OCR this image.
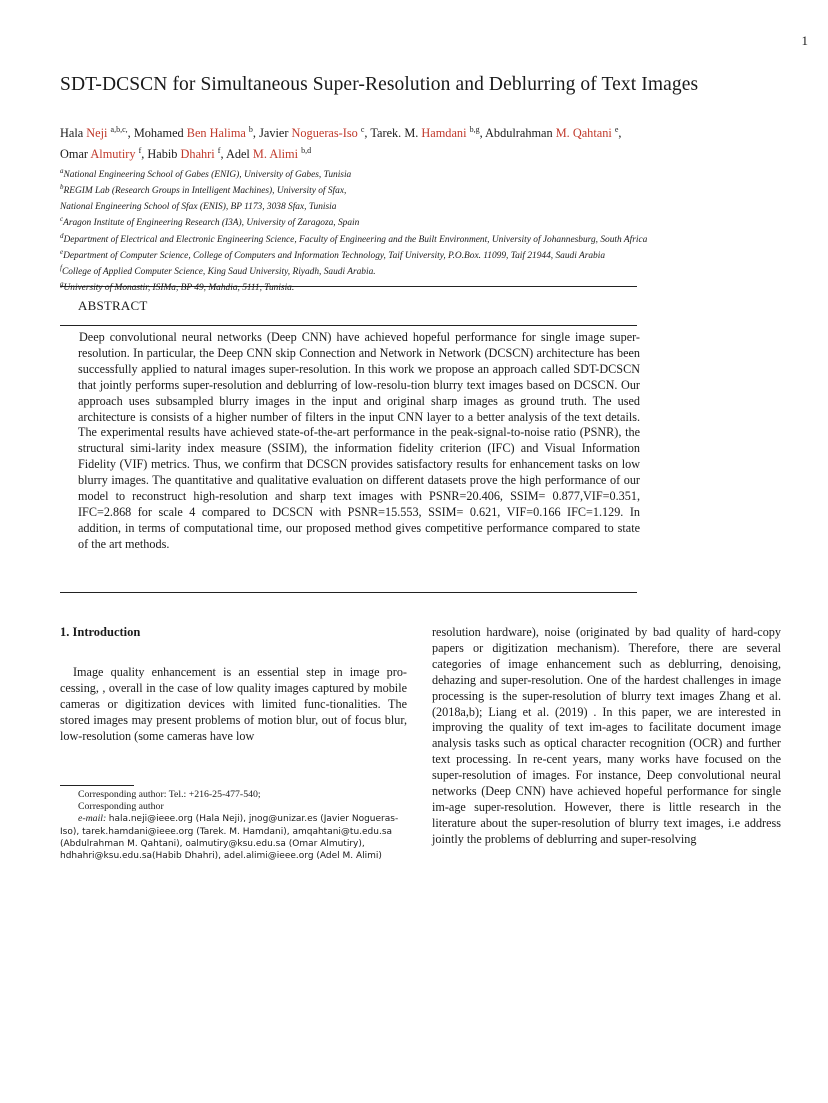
1
SDT-DCSCN for Simultaneous Super-Resolution and Deblurring of Text Images
Hala Neji $^{a,b,c,}$, Mohamed Ben Halima $^b$, Javier Nogueras-Iso $^c$, Tarek. M. Hamdani $^{b,g}$, Abdulrahman M. Qahtani $^e$,
Omar Almutiry $^f$, Habib Dhahri $^f$, Adel M. Alimi $^{b,d}$
$^a$National Engineering School of Gabes (ENIG), University of Gabes, Tunisia
$^b$REGIM Lab (Research Groups in Intelligent Machines), University of Sfax,
National Engineering School of Sfax (ENIS), BP 1173, 3038 Sfax, Tunisia
$^c$Aragon Institute of Engineering Research (I3A), University of Zaragoza, Spain
$^d$Department of Electrical and Electronic Engineering Science, Faculty of Engineering and the Built Environment, University of Johannesburg, South Africa
$^e$Department of Computer Science, College of Computers and Information Technology, Taif University, P.O.Box. 11099, Taif 21944, Saudi Arabia
$^f$College of Applied Computer Science, King Saud University, Riyadh, Saudi Arabia.
$^g$University of Monastir, ISIMa, BP 49, Mahdia, 5111, Tunisia.
ABSTRACT
Deep convolutional neural networks (Deep CNN) have achieved hopeful performance for single image super-resolution. In particular, the Deep CNN skip Connection and Network in Network (DCSCN) architecture has been successfully applied to natural images super-resolution. In this work we propose an approach called SDT-DCSCN that jointly performs super-resolution and deblurring of low-resolu-tion blurry text images based on DCSCN. Our approach uses subsampled blurry images in the input and original sharp images as ground truth. The used architecture is consists of a higher number of filters in the input CNN layer to a better analysis of the text details. The experimental results have achieved state-of-the-art performance in the peak-signal-to-noise ratio (PSNR), the structural simi-larity index measure (SSIM), the information fidelity criterion (IFC) and Visual Information Fidelity (VIF) metrics. Thus, we confirm that DCSCN provides satisfactory results for enhancement tasks on low blurry images. The quantitative and qualitative evaluation on different datasets prove the high performance of our model to reconstruct high-resolution and sharp text images with PSNR=20.406, SSIM= 0.877,VIF=0.351, IFC=2.868 for scale 4 compared to DCSCN with PSNR=15.553, SSIM= 0.621, VIF=0.166 IFC=1.129. In addition, in terms of computational time, our proposed method gives competitive performance compared to state of the art methods.
1. Introduction

Image quality enhancement is an essential step in image pro-cessing, , overall in the case of low quality images captured by mobile cameras or digitization devices with limited func-tionalities. The stored images may present problems of motion blur, out of focus blur, low-resolution (some cameras have low

resolution hardware), noise (originated by bad quality of hard-copy papers or digitization mechanism). Therefore, there are several categories of image enhancement such as deblurring, denoising, dehazing and super-resolution. One of the hardest challenges in image processing is the super-resolution of blurry text images Zhang et al. (2018a,b); Liang et al. (2019) . In this paper, we are interested in improving the quality of text im-ages to facilitate document image analysis tasks such as optical character recognition (OCR) and further text processing. In re-cent years, many works have focused on the super-resolution of images. For instance, Deep convolutional neural networks (Deep CNN) have achieved hopeful performance for single im-age super-resolution. However, there is little research in the literature about the super-resolution of blurry text images, i.e address jointly the problems of deblurring and super-resolving

Corresponding author: Tel.: +216-25-477-540;
Corresponding author
e-mail: hala.neji@ieee.org (Hala Neji), jnog@unizar.es (Javier Nogueras-Iso), tarek.hamdani@ieee.org (Tarek. M. Hamdani), amqahtani@tu.edu.sa (Abdulrahman M. Qahtani), oalmutiry@ksu.edu.sa (Omar Almutiry), hdhahri@ksu.edu.sa(Habib Dhahri), adel.alimi@ieee.org (Adel M. Alimi)
